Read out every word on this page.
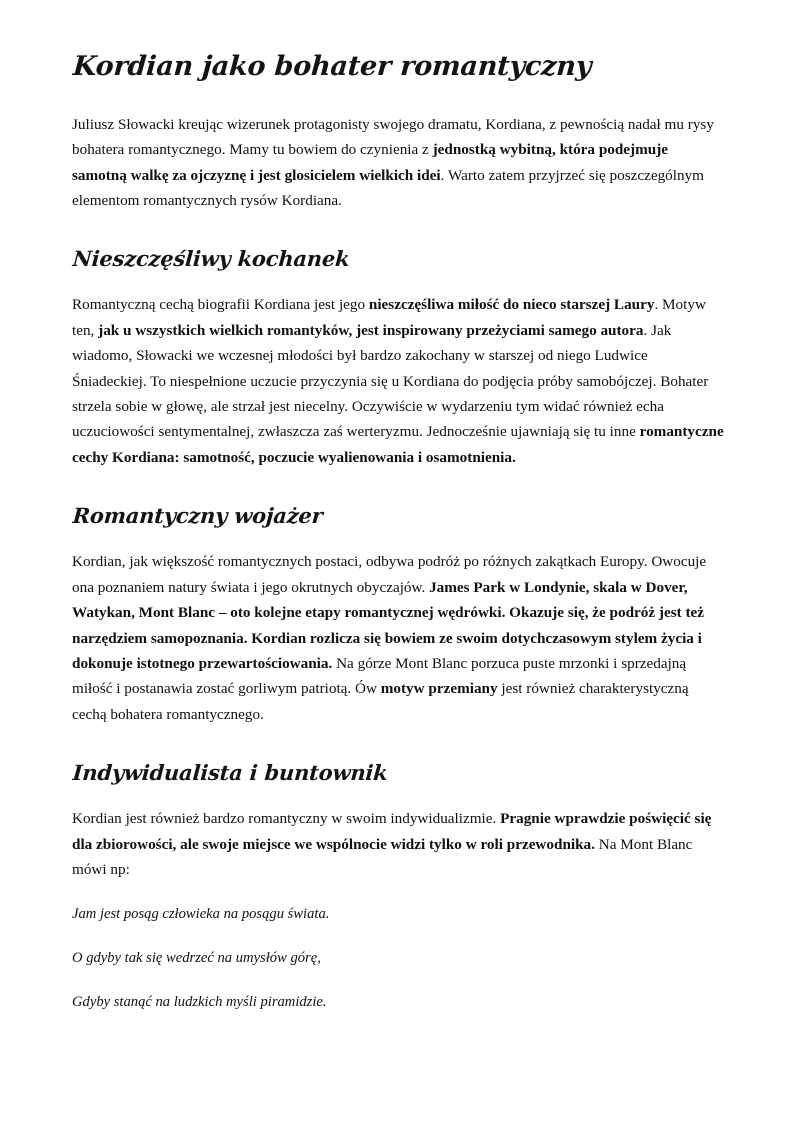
Kordian jako bohater romantyczny

Juliusz Słowacki kreując wizerunek protagonisty swojego dramatu, Kordiana, z pewnością nadał mu rysy bohatera romantycznego. Mamy tu bowiem do czynienia z jednostką wybitną, która podejmuje samotną walkę za ojczyznę i jest glosicielem wielkich idei. Warto zatem przyjrzeć się poszczególnym elementom romantycznych rysów Kordiana.

Nieszczęśliwy kochanek

Romantyczną cechą biografii Kordiana jest jego nieszczęśliwa miłość do nieco starszej Laury. Motyw ten, jak u wszystkich wielkich romantyków, jest inspirowany przeżyciami samego autora. Jak wiadomo, Słowacki we wczesnej młodości był bardzo zakochany w starszej od niego Ludwice Śniadeckiej. To niespełnione uczucie przyczynia się u Kordiana do podjęcia próby samobójczej. Bohater strzela sobie w głowę, ale strzał jest niecelny. Oczywiście w wydarzeniu tym widać również echa uczuciowości sentymentalnej, zwłaszcza zaś werteryzmu. Jednocześnie ujawniają się tu inne romantyczne cechy Kordiana: samotność, poczucie wyalienowania i osamotnienia.

Romantyczny wojażer

Kordian, jak większość romantycznych postaci, odbywa podróż po różnych zakątkach Europy. Owocuje ona poznaniem natury świata i jego okrutnych obyczajów. James Park w Londynie, skala w Dover, Watykan, Mont Blanc – oto kolejne etapy romantycznej wędrówki. Okazuje się, że podróż jest też narzędziem samopoznania. Kordian rozlicza się bowiem ze swoim dotychczasowym stylem życia i dokonuje istotnego przewartościowania. Na górze Mont Blanc porzuca puste mrzonki i sprzedajną miłość i postanawia zostać gorliwym patriotą. Ów motyw przemiany jest również charakterystyczną cechą bohatera romantycznego.

Indywidualista i buntownik

Kordian jest również bardzo romantyczny w swoim indywidualizmie. Pragnie wprawdzie poświęcić się dla zbiorowości, ale swoje miejsce we wspólnocie widzi tylko w roli przewodnika. Na Mont Blanc mówi np:

Jam jest posąg człowieka na posągu świata.

O gdyby tak się wedrzeć na umysłów górę,

Gdyby stanąć na ludzkich myśli piramidzie.
